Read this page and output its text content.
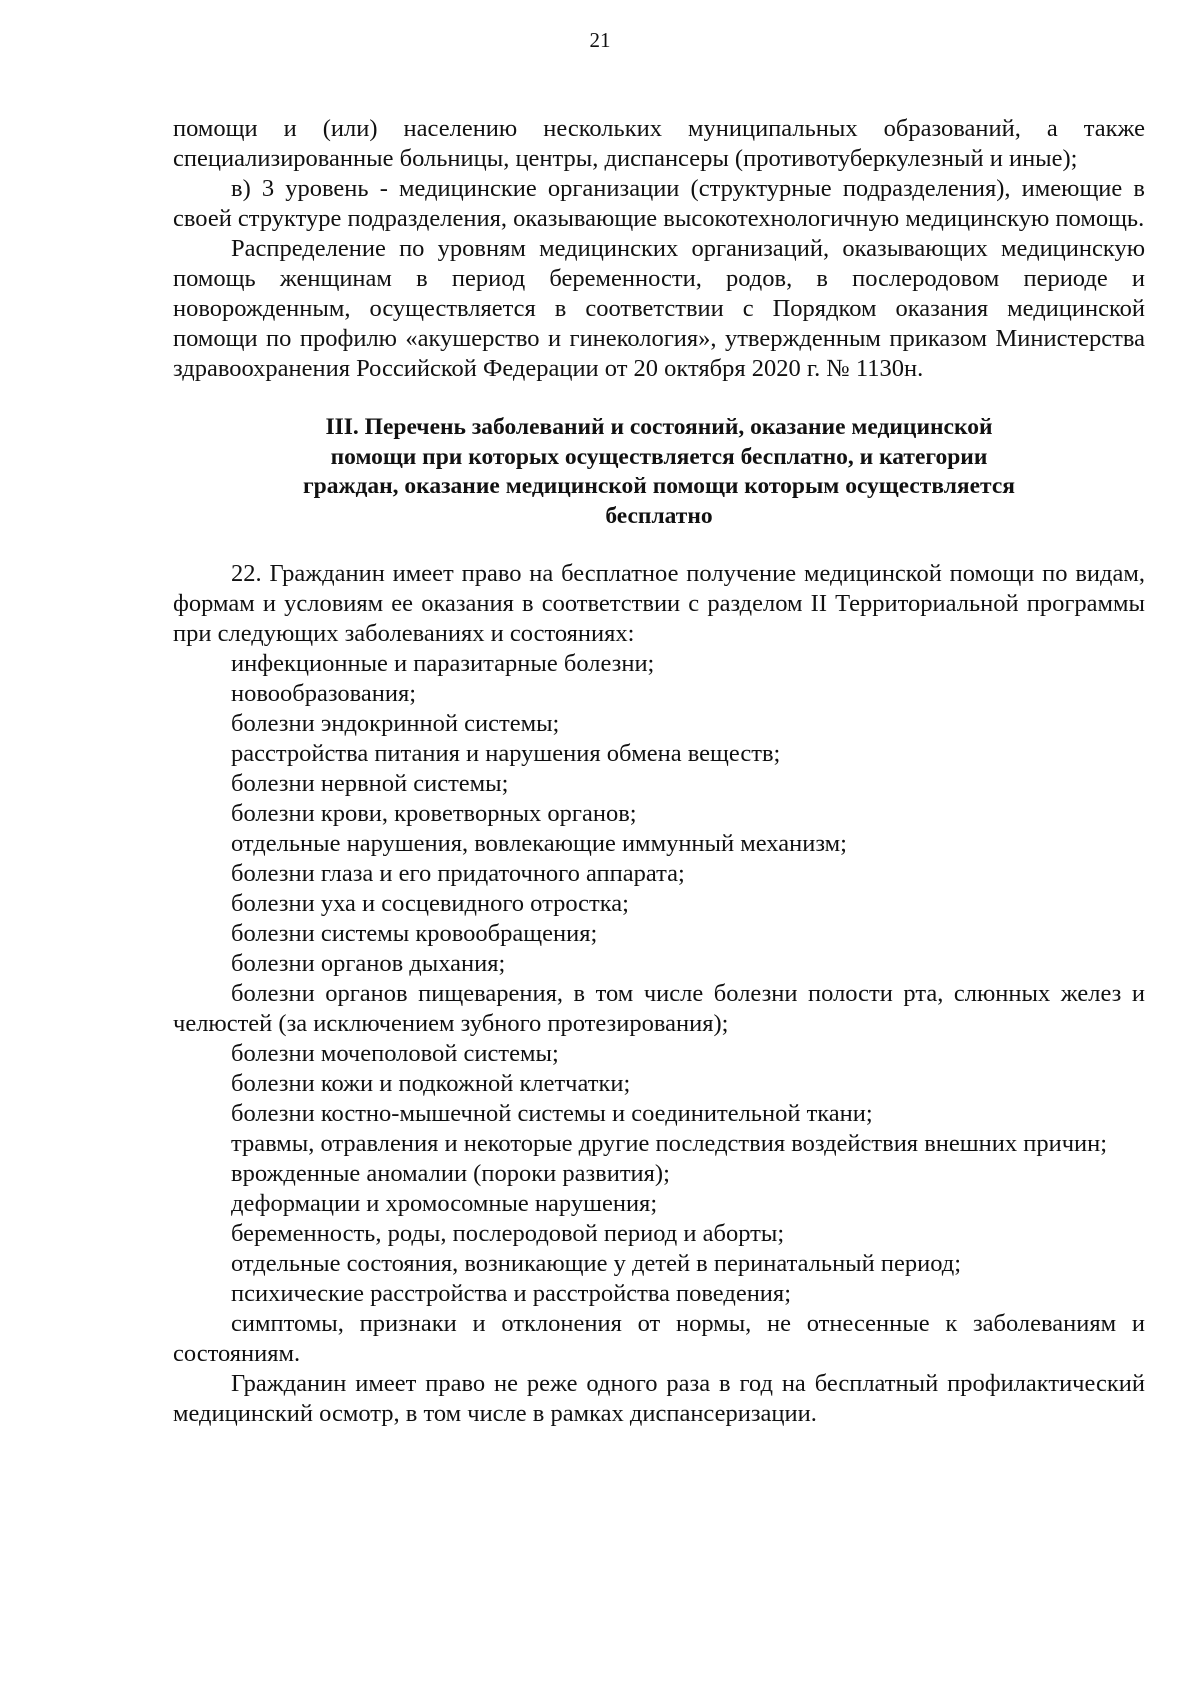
21

помощи и (или) населению нескольких муниципальных образований, а также специализированные больницы, центры, диспансеры (противотуберкулезный и иные);

в) 3 уровень - медицинские организации (структурные подразделения), имеющие в своей структуре подразделения, оказывающие высокотехнологичную медицинскую помощь.

Распределение по уровням медицинских организаций, оказывающих медицинскую помощь женщинам в период беременности, родов, в послеродовом периоде и новорожденным, осуществляется в соответствии с Порядком оказания медицинской помощи по профилю «акушерство и гинекология», утвержденным приказом Министерства здравоохранения Российской Федерации от 20 октября 2020 г. № 1130н.

III. Перечень заболеваний и состояний, оказание медицинской
помощи при которых осуществляется бесплатно, и категории
граждан, оказание медицинской помощи которым осуществляется
бесплатно

22. Гражданин имеет право на бесплатное получение медицинской помощи по видам, формам и условиям ее оказания в соответствии с разделом II Территориальной программы при следующих заболеваниях и состояниях:

инфекционные и паразитарные болезни;

новообразования;

болезни эндокринной системы;

расстройства питания и нарушения обмена веществ;

болезни нервной системы;

болезни крови, кроветворных органов;

отдельные нарушения, вовлекающие иммунный механизм;

болезни глаза и его придаточного аппарата;

болезни уха и сосцевидного отростка;

болезни системы кровообращения;

болезни органов дыхания;

болезни органов пищеварения, в том числе болезни полости рта, слюнных желез и челюстей (за исключением зубного протезирования);

болезни мочеполовой системы;

болезни кожи и подкожной клетчатки;

болезни костно-мышечной системы и соединительной ткани;

травмы, отравления и некоторые другие последствия воздействия внешних причин;

врожденные аномалии (пороки развития);

деформации и хромосомные нарушения;

беременность, роды, послеродовой период и аборты;

отдельные состояния, возникающие у детей в перинатальный период;

психические расстройства и расстройства поведения;

симптомы, признаки и отклонения от нормы, не отнесенные к заболеваниям и состояниям.

Гражданин имеет право не реже одного раза в год на бесплатный профилактический медицинский осмотр, в том числе в рамках диспансеризации.
